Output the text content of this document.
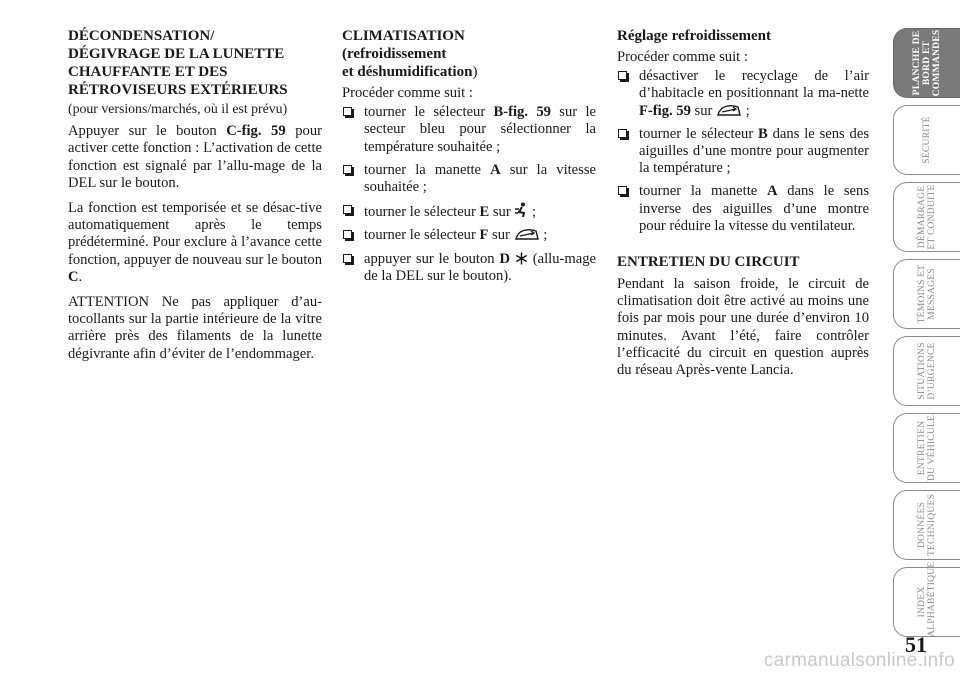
DÉCONDENSATION/
DÉGIVRAGE DE LA LUNETTE
CHAUFFANTE ET DES
RÉTROVISEURS EXTÉRIEURS
(pour versions/marchés, où il est prévu)

Appuyer sur le bouton C-fig. 59 pour activer cette fonction : L’activation de cette fonction est signalé par l’allu-mage de la DEL sur le bouton.

La fonction est temporisée et se désac-tive automatiquement après le temps prédéterminé. Pour exclure à l’avance cette fonction, appuyer de nouveau sur le bouton C.

ATTENTION Ne pas appliquer d’au-tocollants sur la partie intérieure de la vitre arrière près des filaments de la lunette dégivrante afin d’éviter de l’endommager.

CLIMATISATION
(refroidissement
et déshumidification)

Procéder comme suit :

tourner le sélecteur B-fig. 59 sur le secteur bleu pour sélectionner la température souhaitée ;
tourner la manette A sur la vitesse souhaitée ;
tourner le sélecteur E sur  ;
tourner le sélecteur F sur  ;
appuyer sur le bouton D  (allu-mage de la DEL sur le bouton).
Réglage refroidissement

Procéder comme suit :

désactiver le recyclage de l’air d’habitacle en positionnant la ma-nette F-fig. 59 sur  ;
tourner le sélecteur B dans le sens des aiguilles d’une montre pour augmenter la température ;
tourner la manette A dans le sens inverse des aiguilles d’une montre pour réduire la vitesse du ventilateur.
ENTRETIEN DU CIRCUIT

Pendant la saison froide, le circuit de climatisation doit être activé au moins une fois par mois pour une durée d’environ 10 minutes. Avant l’été, faire contrôler l’efficacité du circuit en question auprès du réseau Après-vente Lancia.

PLANCHE DE BORD ET COMMANDES
SÉCURITÉ
DÉMARRAGE ET CONDUITE
TÉMOINS ET MESSAGES
SITUATIONS D’URGENCE
ENTRETIEN DU VÉHICULE
DONNÉES TECHNIQUES
INDEX ALPHABÉTIQUE
51
carmanualsonline.info
